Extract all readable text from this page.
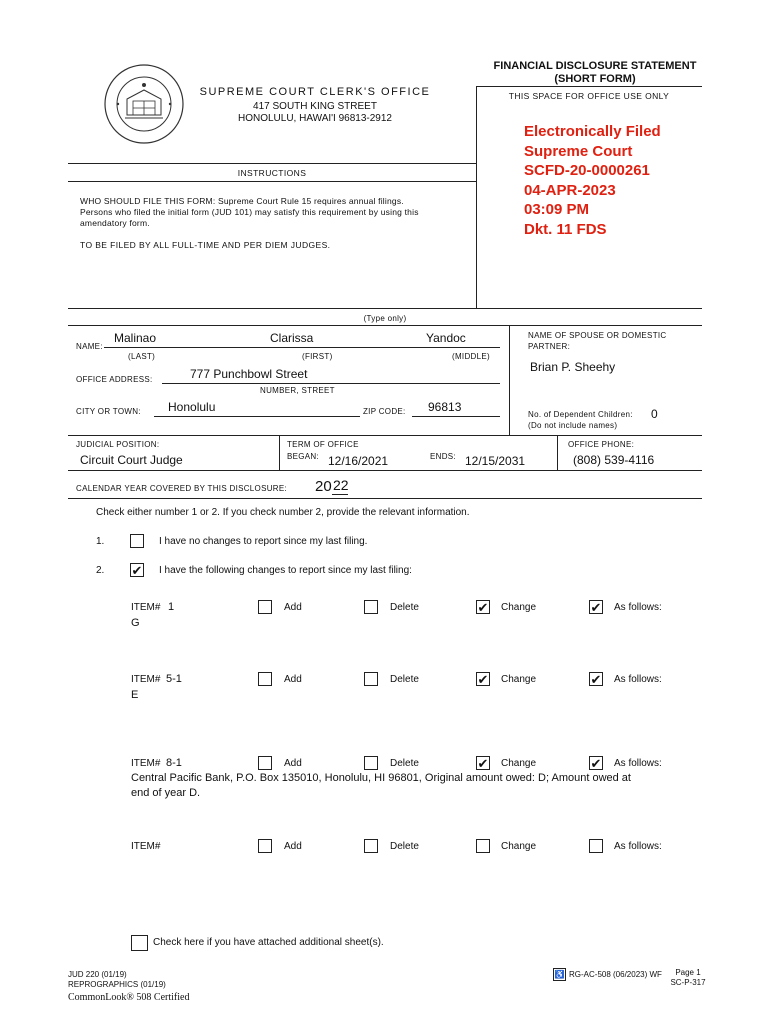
FINANCIAL DISCLOSURE STATEMENT
(SHORT FORM)
THIS SPACE FOR OFFICE USE ONLY
SUPREME COURT CLERK'S OFFICE
417 SOUTH KING STREET
HONOLULU, HAWAI'I 96813-2912
Electronically Filed
Supreme Court
SCFD-20-0000261
04-APR-2023
03:09 PM
Dkt. 11 FDS
INSTRUCTIONS
WHO SHOULD FILE THIS FORM: Supreme Court Rule 15 requires annual filings.
Persons who filed the initial form (JUD 101) may satisfy this requirement by using this
amendatory form.
TO BE FILED BY ALL FULL-TIME AND PER DIEM JUDGES.
(Type only)
NAME:
Malinao	Clarissa	Yandoc
(LAST)	(FIRST)	(MIDDLE)
NAME OF SPOUSE OR DOMESTIC
PARTNER:
Brian P. Sheehy
OFFICE ADDRESS:	777 Punchbowl Street
NUMBER, STREET
CITY OR TOWN: Honolulu	ZIP CODE: 96813
No. of Dependent Children: 0
(Do not include names)
JUDICIAL POSITION:
Circuit Court Judge
TERM OF OFFICE
BEGAN: 12/16/2021	ENDS: 12/15/2031
OFFICE PHONE:
(808) 539-4116
CALENDAR YEAR COVERED BY THIS DISCLOSURE: 20 22
Check either number 1 or 2. If you check number 2, provide the relevant information.
1.	I have no changes to report since my last filing.
2. ✔ I have the following changes to report since my last filing:
ITEM# 1
G
Add	Delete	✔ Change	✔ As follows:
ITEM# 5-1
E
Add	Delete	✔ Change	✔ As follows:
ITEM# 8-1	Add	Delete	✔ Change	✔ As follows:
Central Pacific Bank, P.O. Box 135010, Honolulu, HI 96801, Original amount owed: D; Amount owed at
end of year D.
ITEM#	Add	Delete	Change	As follows:
Check here if you have attached additional sheet(s).
JUD 220 (01/19)
REPROGRAPHICS (01/19)
CommonLook® 508 Certified
♿ RG-AC-508 (06/2023) WF	Page 1
SC-P-317
